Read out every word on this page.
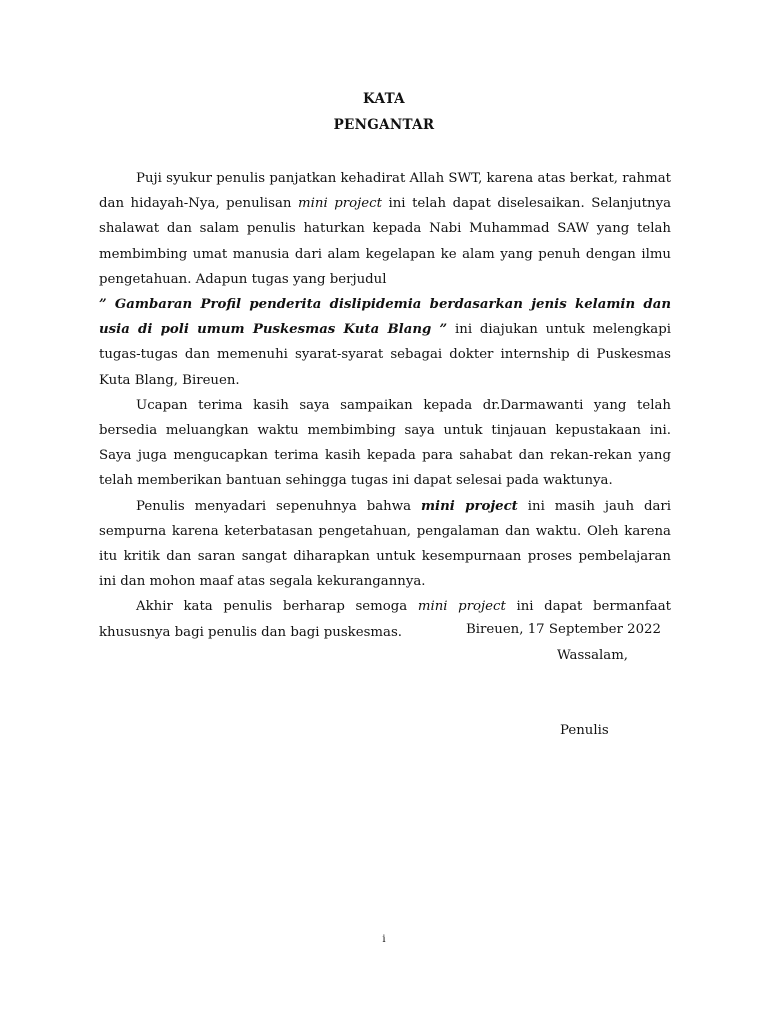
KATA
PENGANTAR

Puji syukur penulis panjatkan kehadirat Allah SWT, karena atas berkat, rahmat dan hidayah-Nya, penulisan mini project ini telah dapat diselesaikan. Selanjutnya shalawat dan salam penulis haturkan kepada Nabi Muhammad SAW yang telah membimbing umat manusia dari alam kegelapan ke alam yang penuh dengan ilmu pengetahuan. Adapun tugas yang berjudul

” Gambaran Profil penderita dislipidemia berdasarkan jenis kelamin dan usia di poli umum Puskesmas Kuta Blang ” ini diajukan untuk melengkapi tugas-tugas dan memenuhi syarat-syarat sebagai dokter internship di Puskesmas Kuta Blang, Bireuen.

Ucapan terima kasih saya sampaikan kepada dr.Darmawanti yang telah bersedia meluangkan waktu membimbing saya untuk tinjauan kepustakaan ini. Saya juga mengucapkan terima kasih kepada para sahabat dan rekan-rekan yang telah memberikan bantuan sehingga tugas ini dapat selesai pada waktunya.

Penulis menyadari sepenuhnya bahwa mini project ini masih jauh dari sempurna karena keterbatasan pengetahuan, pengalaman dan waktu. Oleh karena itu kritik dan saran sangat diharapkan untuk kesempurnaan proses pembelajaran ini dan mohon maaf atas segala kekurangannya.

Akhir kata penulis berharap semoga mini project ini dapat bermanfaat khususnya bagi penulis dan bagi puskesmas.	Bireuen, 17 September 2022
Wassalam,
Penulis
i
